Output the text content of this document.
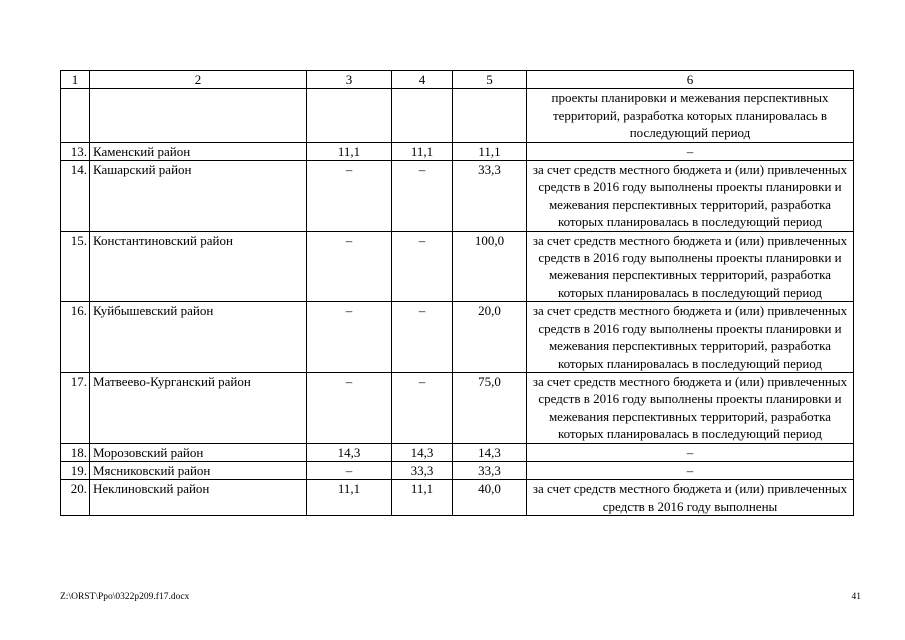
1	2	3	4	5	6
					проекты планировки и межевания перспективных территорий, разработка которых планировалась в последующий период
13.	Каменский район	11,1	11,1	11,1	–
14.	Кашарский район	–	–	33,3	за счет средств местного бюджета и (или) привлеченных средств в 2016 году выполнены проекты планировки и межевания перспективных территорий, разработка которых планировалась в последующий период
15.	Константиновский район	–	–	100,0	за счет средств местного бюджета и (или) привлеченных средств в 2016 году выполнены проекты планировки и межевания перспективных территорий, разработка которых планировалась в последующий период
16.	Куйбышевский район	–	–	20,0	за счет средств местного бюджета и (или) привлеченных средств в 2016 году выполнены проекты планировки и межевания перспективных территорий, разработка которых планировалась в последующий период
17.	Матвеево-Курганский район	–	–	75,0	за счет средств местного бюджета и (или) привлеченных средств в 2016 году выполнены проекты планировки и межевания перспективных территорий, разработка которых планировалась в последующий период
18.	Морозовский район	14,3	14,3	14,3	–
19.	Мясниковский район	–	33,3	33,3	–
20.	Неклиновский район	11,1	11,1	40,0	за счет средств местного бюджета и (или) привлеченных средств в 2016 году выполнены
Z:\ORST\Ppo\0322p209.f17.docx	41
